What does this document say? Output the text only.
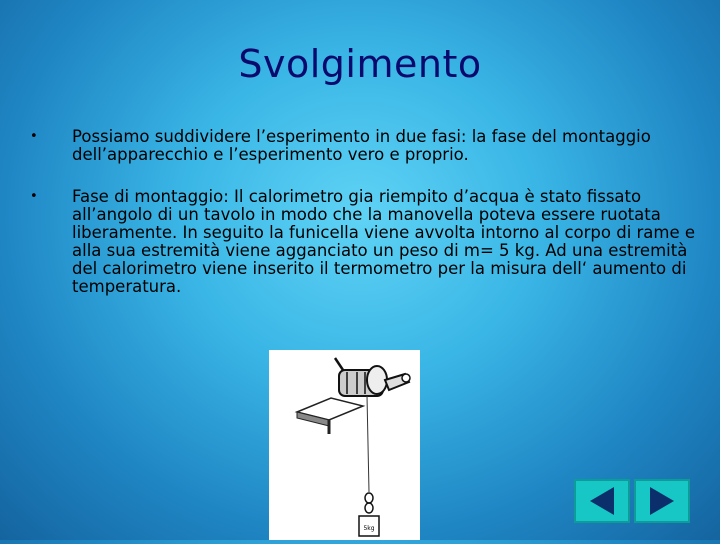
Svolgimento
• Possiamo suddividere l’esperimento in due fasi: la fase del montaggio dell’apparecchio e l’esperimento vero e proprio.
• Fase di montaggio: Il calorimetro gia riempito d’acqua è stato fissato all’angolo di un tavolo in modo che la manovella poteva essere ruotata liberamente. In seguito la funicella viene avvolta intorno al corpo di rame e alla sua estremità viene agganciato un peso di m= 5 kg. Ad una estremità del calorimetro viene inserito il termometro per la misura dell‘ aumento di temperatura.
5kg
